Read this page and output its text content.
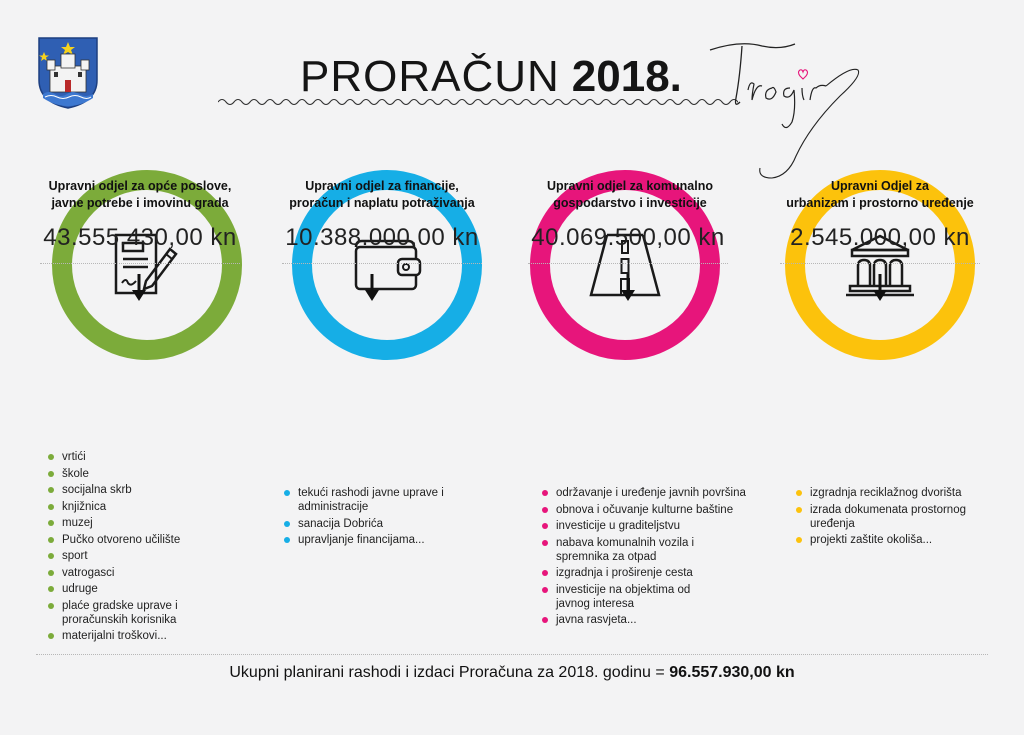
PRORAČUN 2018.
Upravni odjel za opće poslove,
javne potrebe i imovinu grada
43.555.430,00 kn
vrtići
škole
socijalna skrb
knjižnica
muzej
Pučko otvoreno učilište
sport
vatrogasci
udruge
plaće gradske uprave i proračunskih korisnika
materijalni troškovi...
Upravni odjel za financije,
proračun i naplatu potraživanja
10.388.000,00 kn
tekući rashodi javne uprave i administracije
sanacija Dobrića
upravljanje financijama...
Upravni odjel za komunalno
gospodarstvo i investicije
40.069.500,00 kn
održavanje i uređenje javnih površina
obnova i očuvanje kulturne baštine
investicije u graditeljstvu
nabava komunalnih vozila i spremnika za otpad
izgradnja i proširenje cesta
investicije na objektima od javnog interesa
javna rasvjeta...
Upravni Odjel za
urbanizam i prostorno uređenje
2.545.000,00 kn
izgradnja reciklažnog dvorišta
izrada dokumenata prostornog uređenja
projekti zaštite okoliša...
Ukupni planirani rashodi i izdaci Proračuna za 2018. godinu = 96.557.930,00 kn
